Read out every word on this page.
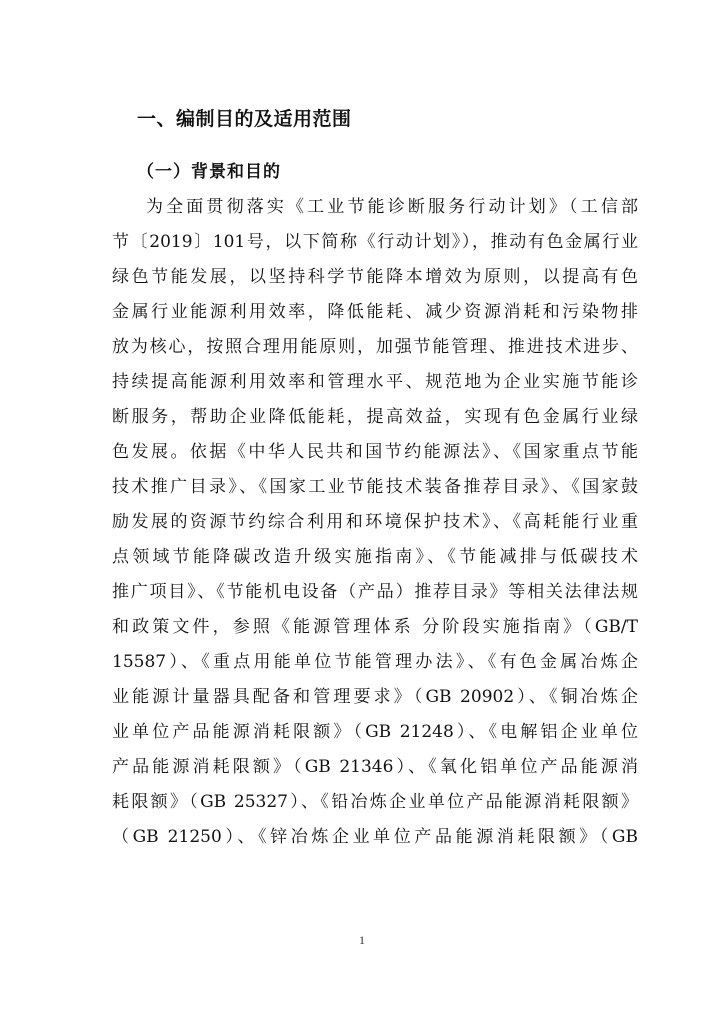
一、编制目的及适用范围
（一）背景和目的
为全面贯彻落实《工业节能诊断服务行动计划》（工信部
节〔2019〕101号，以下简称《行动计划》），推动有色金属行业
绿色节能发展，以坚持科学节能降本增效为原则，以提高有色
金属行业能源利用效率，降低能耗、减少资源消耗和污染物排
放为核心，按照合理用能原则，加强节能管理、推进技术进步、
持续提高能源利用效率和管理水平、规范地为企业实施节能诊
断服务，帮助企业降低能耗，提高效益，实现有色金属行业绿
色发展。依据《中华人民共和国节约能源法》、《国家重点节能
技术推广目录》、《国家工业节能技术装备推荐目录》、《国家鼓
励发展的资源节约综合利用和环境保护技术》、《高耗能行业重
点领域节能降碳改造升级实施指南》、《节能减排与低碳技术
推广项目》、《节能机电设备（产品）推荐目录》等相关法律法规
和政策文件，参照《能源管理体系 分阶段实施指南》（GB/T
15587）、《重点用能单位节能管理办法》、《有色金属冶炼企
业能源计量器具配备和管理要求》（GB 20902）、《铜冶炼企
业单位产品能源消耗限额》（GB 21248）、《电解铝企业单位
产品能源消耗限额》（GB 21346）、《氧化铝单位产品能源消
耗限额》（GB 25327）、《铅冶炼企业单位产品能源消耗限额》
（GB 21250）、《锌冶炼企业单位产品能源消耗限额》（GB
1
